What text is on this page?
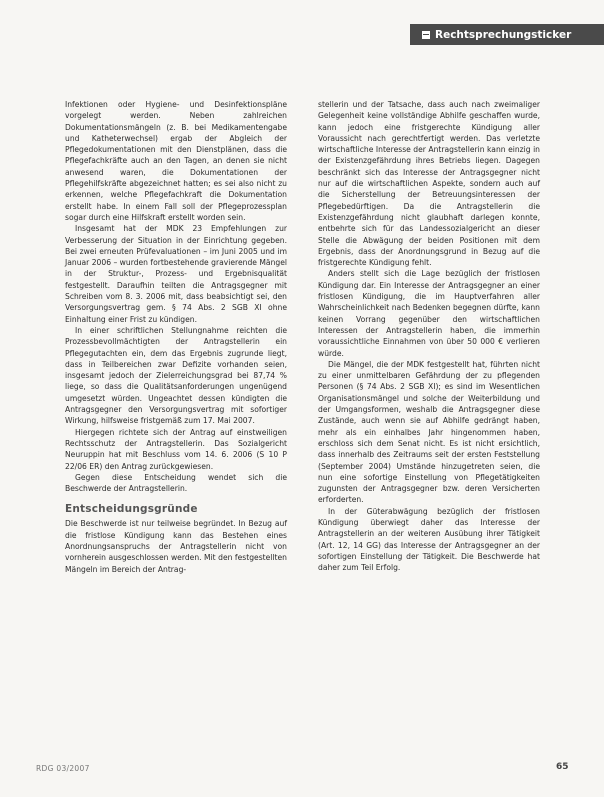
Rechtsprechungsticker

Infektionen oder Hygiene- und Desinfektionspläne vorgelegt werden. Neben zahlreichen Dokumentationsmängeln (z. B. bei Medikamentengabe und Katheterwechsel) ergab der Abgleich der Pflegedokumentationen mit den Dienstplänen, dass die Pflegefachkräfte auch an den Tagen, an denen sie nicht anwesend waren, die Dokumentationen der Pflegehilfskräfte abgezeichnet hatten; es sei also nicht zu erkennen, welche Pflegefachkraft die Dokumentation erstellt habe. In einem Fall soll der Pflegeprozessplan sogar durch eine Hilfskraft erstellt worden sein.

Insgesamt hat der MDK 23 Empfehlungen zur Verbesserung der Situation in der Einrichtung gegeben. Bei zwei erneuten Prüfevaluationen – im Juni 2005 und im Januar 2006 – wurden fortbestehende gravierende Mängel in der Struktur-, Prozess- und Ergebnisqualität festgestellt. Daraufhin teilten die Antragsgegner mit Schreiben vom 8. 3. 2006 mit, dass beabsichtigt sei, den Versorgungsvertrag gem. § 74 Abs. 2 SGB XI ohne Einhaltung einer Frist zu kündigen.

In einer schriftlichen Stellungnahme reichten die Prozessbevollmächtigten der Antragstellerin ein Pflegegutachten ein, dem das Ergebnis zugrunde liegt, dass in Teilbereichen zwar Defizite vorhanden seien, insgesamt jedoch der Zielerreichungsgrad bei 87,74 % liege, so dass die Qualitätsanforderungen ungenügend umgesetzt würden. Ungeachtet dessen kündigten die Antragsgegner den Versorgungsvertrag mit sofortiger Wirkung, hilfsweise fristgemäß zum 17. Mai 2007.

Hiergegen richtete sich der Antrag auf einstweiligen Rechtsschutz der Antragstellerin. Das Sozialgericht Neuruppin hat mit Beschluss vom 14. 6. 2006 (S 10 P 22/06 ER) den Antrag zurückgewiesen.

Gegen diese Entscheidung wendet sich die Beschwerde der Antragstellerin.

Entscheidungsgründe

Die Beschwerde ist nur teilweise begründet. In Bezug auf die fristlose Kündigung kann das Bestehen eines Anordnungsanspruchs der Antragstellerin nicht von vornherein ausgeschlossen werden. Mit den festgestellten Mängeln im Bereich der Antrag-

stellerin und der Tatsache, dass auch nach zweimaliger Gelegenheit keine vollständige Abhilfe geschaffen wurde, kann jedoch eine fristgerechte Kündigung aller Voraussicht nach gerechtfertigt werden. Das verletzte wirtschaftliche Interesse der Antragstellerin kann einzig in der Existenzgefährdung ihres Betriebs liegen. Dagegen beschränkt sich das Interesse der Antragsgegner nicht nur auf die wirtschaftlichen Aspekte, sondern auch auf die Sicherstellung der Betreuungsinteressen der Pflegebedürftigen. Da die Antragstellerin die Existenzgefährdung nicht glaubhaft darlegen konnte, entbehrte sich für das Landessozialgericht an dieser Stelle die Abwägung der beiden Positionen mit dem Ergebnis, dass der Anordnungsgrund in Bezug auf die fristgerechte Kündigung fehlt.

Anders stellt sich die Lage bezüglich der fristlosen Kündigung dar. Ein Interesse der Antragsgegner an einer fristlosen Kündigung, die im Hauptverfahren aller Wahrscheinlichkeit nach Bedenken begegnen dürfte, kann keinen Vorrang gegenüber den wirtschaftlichen Interessen der Antragstellerin haben, die immerhin voraussichtliche Einnahmen von über 50 000 € verlieren würde.

Die Mängel, die der MDK festgestellt hat, führten nicht zu einer unmittelbaren Gefährdung der zu pflegenden Personen (§ 74 Abs. 2 SGB XI); es sind im Wesentlichen Organisationsmängel und solche der Weiterbildung und der Umgangsformen, weshalb die Antragsgegner diese Zustände, auch wenn sie auf Abhilfe gedrängt haben, mehr als ein einhalbes Jahr hingenommen haben, erschloss sich dem Senat nicht. Es ist nicht ersichtlich, dass innerhalb des Zeitraums seit der ersten Feststellung (September 2004) Umstände hinzugetreten seien, die nun eine sofortige Einstellung von Pflegetätigkeiten zugunsten der Antragsgegner bzw. deren Versicherten erforderten.

In der Güterabwägung bezüglich der fristlosen Kündigung überwiegt daher das Interesse der Antragstellerin an der weiteren Ausübung ihrer Tätigkeit (Art. 12, 14 GG) das Interesse der Antragsgegner an der sofortigen Einstellung der Tätigkeit. Die Beschwerde hat daher zum Teil Erfolg.

RDG 03/2007	65
